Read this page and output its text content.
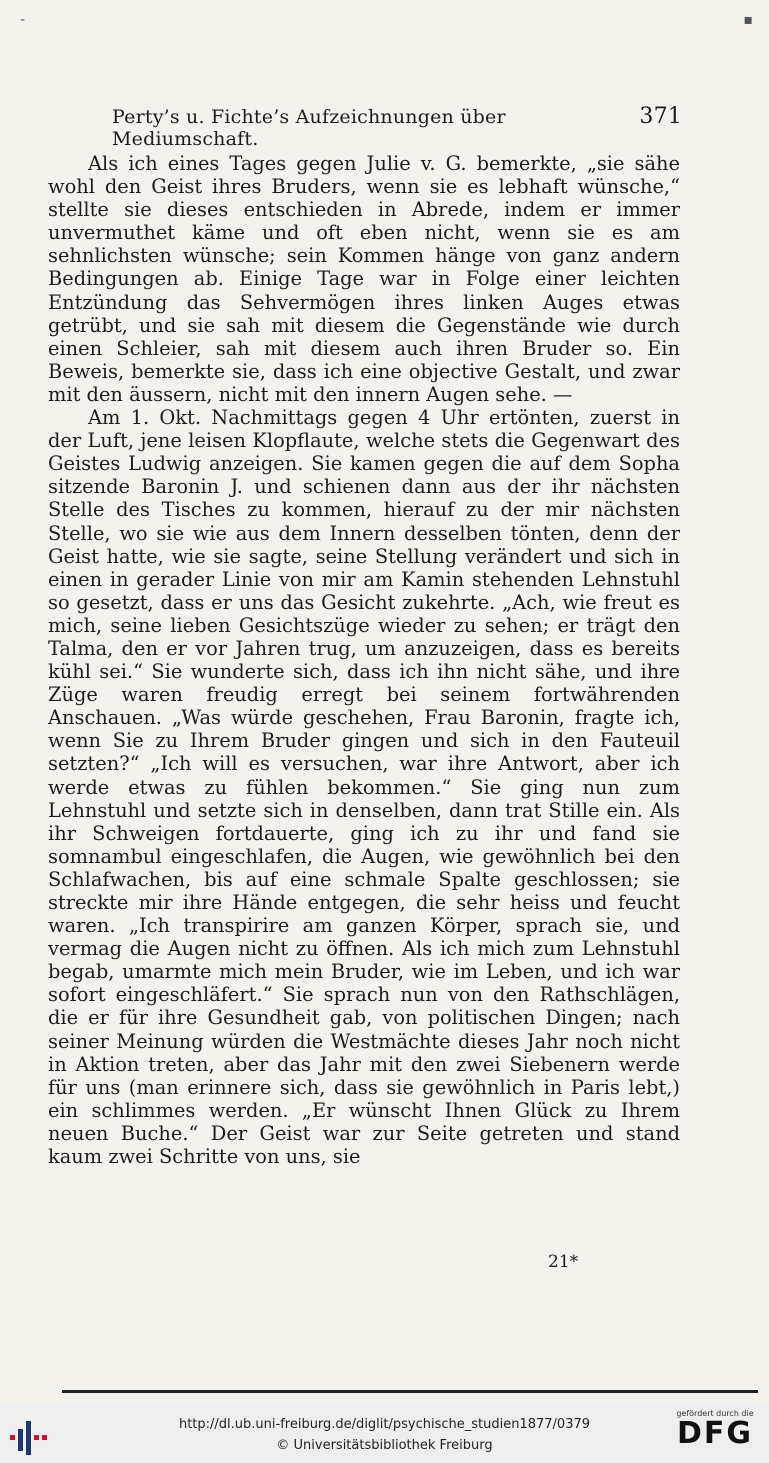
-	▪
Perty’s u. Fichte’s Aufzeichnungen über Mediumschaft.
371

Als ich eines Tages gegen Julie v. G. bemerkte, „sie sähe wohl den Geist ihres Bruders, wenn sie es lebhaft wünsche,“ stellte sie dieses entschieden in Abrede, indem er immer unvermuthet käme und oft eben nicht, wenn sie es am sehnlichsten wünsche; sein Kommen hänge von ganz andern Bedingungen ab. Einige Tage war in Folge einer leichten Entzündung das Sehvermögen ihres linken Auges etwas getrübt, und sie sah mit diesem die Gegenstände wie durch einen Schleier, sah mit diesem auch ihren Bruder so. Ein Beweis, bemerkte sie, dass ich eine objective Gestalt, und zwar mit den äussern, nicht mit den innern Augen sehe. —

Am 1. Okt. Nachmittags gegen 4 Uhr ertönten, zuerst in der Luft, jene leisen Klopflaute, welche stets die Gegenwart des Geistes Ludwig anzeigen. Sie kamen gegen die auf dem Sopha sitzende Baronin J. und schienen dann aus der ihr nächsten Stelle des Tisches zu kommen, hierauf zu der mir nächsten Stelle, wo sie wie aus dem Innern desselben tönten, denn der Geist hatte, wie sie sagte, seine Stellung verändert und sich in einen in gerader Linie von mir am Kamin stehenden Lehnstuhl so gesetzt, dass er uns das Gesicht zukehrte. „Ach, wie freut es mich, seine lieben Gesichtszüge wieder zu sehen; er trägt den Talma, den er vor Jahren trug, um anzuzeigen, dass es bereits kühl sei.“ Sie wunderte sich, dass ich ihn nicht sähe, und ihre Züge waren freudig erregt bei seinem fortwährenden Anschauen. „Was würde geschehen, Frau Baronin, fragte ich, wenn Sie zu Ihrem Bruder gingen und sich in den Fauteuil setzten?“ „Ich will es versuchen, war ihre Antwort, aber ich werde etwas zu fühlen bekommen.“ Sie ging nun zum Lehnstuhl und setzte sich in denselben, dann trat Stille ein. Als ihr Schweigen fortdauerte, ging ich zu ihr und fand sie somnambul eingeschlafen, die Augen, wie gewöhnlich bei den Schlafwachen, bis auf eine schmale Spalte geschlossen; sie streckte mir ihre Hände entgegen, die sehr heiss und feucht waren. „Ich transpirire am ganzen Körper, sprach sie, und vermag die Augen nicht zu öffnen. Als ich mich zum Lehnstuhl begab, umarmte mich mein Bruder, wie im Leben, und ich war sofort eingeschläfert.“ Sie sprach nun von den Rathschlägen, die er für ihre Gesundheit gab, von politischen Dingen; nach seiner Meinung würden die Westmächte dieses Jahr noch nicht in Aktion treten, aber das Jahr mit den zwei Siebenern werde für uns (man erinnere sich, dass sie gewöhnlich in Paris lebt,) ein schlimmes werden. „Er wünscht Ihnen Glück zu Ihrem neuen Buche.“ Der Geist war zur Seite getreten und stand kaum zwei Schritte von uns, sie

21*
http://dl.ub.uni-freiburg.de/diglit/psychische_studien1877/0379
© Universitätsbibliothek Freiburg
gefördert durch die
DFG
